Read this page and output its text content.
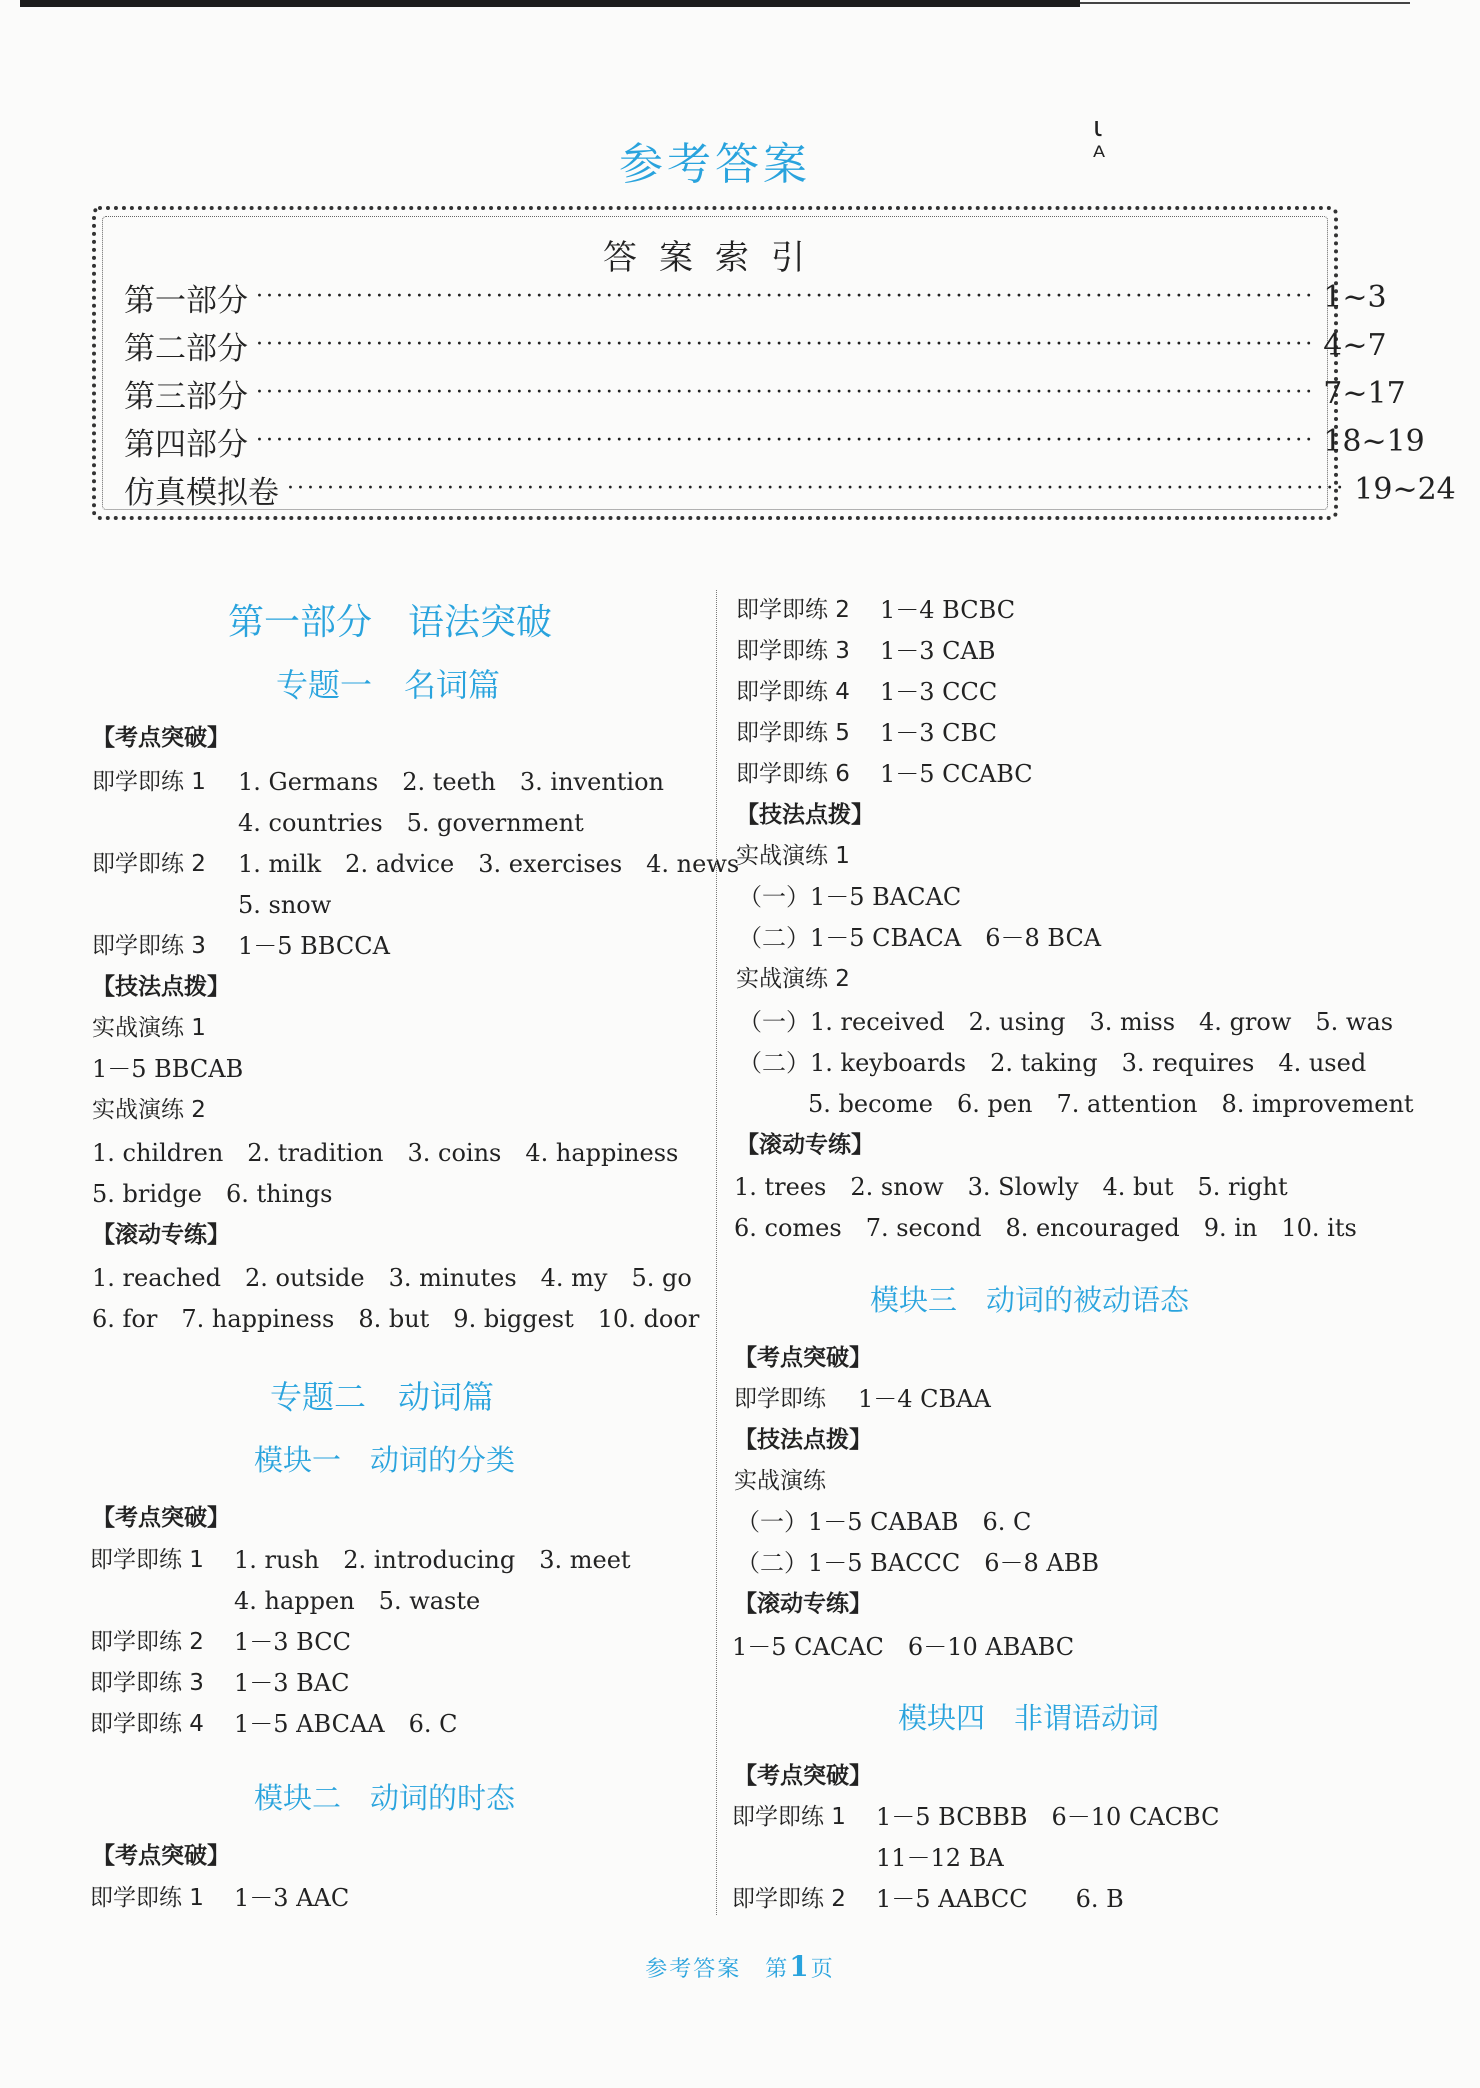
ι
ᴬ
参考答案
答案索引
第一部分 ·········································································································· 1~3
第二部分 ·········································································································· 4~7
第三部分 ·········································································································· 7~17
第四部分 ·········································································································· 18~19
仿真模拟卷 ·········································································································· 19~24
第一部分　语法突破
专题一　名词篇
【考点突破】
即学即练 1 1. Germans　2. teeth　3. invention
4. countries　5. government
即学即练 2 1. milk　2. advice　3. exercises　4. news
5. snow
即学即练 3 1－5 BBCCA
【技法点拨】
实战演练 1
1－5 BBCAB
实战演练 2
1. children　2. tradition　3. coins　4. happiness
5. bridge　6. things
【滚动专练】
1. reached　2. outside　3. minutes　4. my　5. go
6. for　7. happiness　8. but　9. biggest　10. door
专题二　动词篇
模块一　动词的分类
【考点突破】
即学即练 1 1. rush　2. introducing　3. meet
4. happen　5. waste
即学即练 2 1－3 BCC
即学即练 3 1－3 BAC
即学即练 4 1－5 ABCAA　6. C
模块二　动词的时态
【考点突破】
即学即练 1 1－3 AAC
即学即练 2 1－4 BCBC
即学即练 3 1－3 CAB
即学即练 4 1－3 CCC
即学即练 5 1－3 CBC
即学即练 6 1－5 CCABC
【技法点拨】
实战演练 1
（一）1－5 BACAC
（二）1－5 CBACA　6－8 BCA
实战演练 2
（一）1. received　2. using　3. miss　4. grow　5. was
（二）1. keyboards　2. taking　3. requires　4. used
5. become　6. pen　7. attention　8. improvement
【滚动专练】
1. trees　2. snow　3. Slowly　4. but　5. right
6. comes　7. second　8. encouraged　9. in　10. its
模块三　动词的被动语态
【考点突破】
即学即练 1－4 CBAA
【技法点拨】
实战演练
（一）1－5 CABAB　6. C
（二）1－5 BACCC　6－8 ABB
【滚动专练】
1－5 CACAC　6－10 ABABC
模块四　非谓语动词
【考点突破】
即学即练 1 1－5 BCBBB　6－10 CACBC
11－12 BA
即学即练 2 1－5 AABCC　　6. B
参考答案　第1页
